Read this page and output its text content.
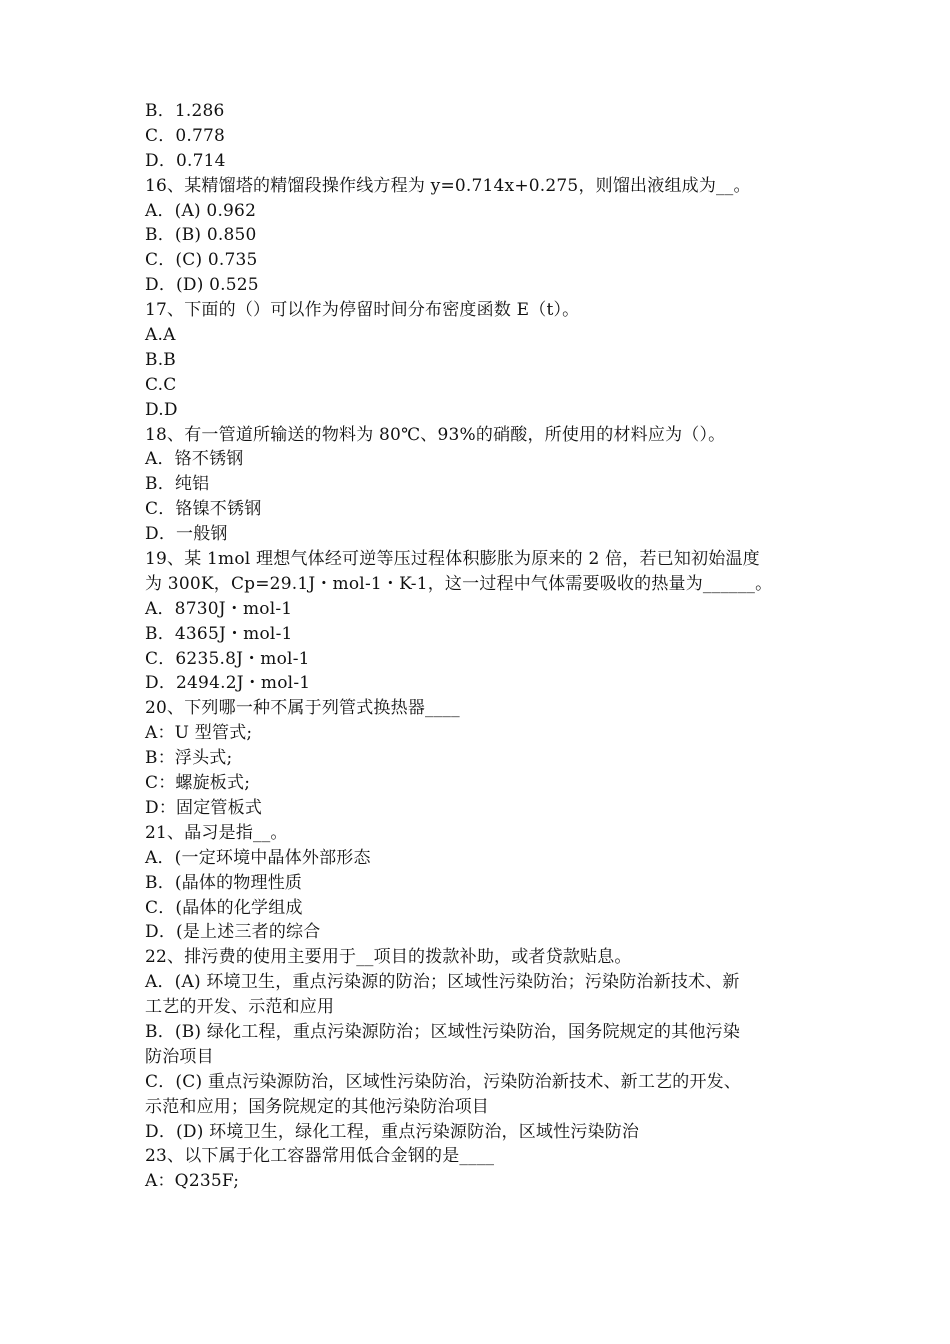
B．1.286
C．0.778
D．0.714
16、某精馏塔的精馏段操作线方程为 y=0.714x+0.275，则馏出液组成为__。
A．(A) 0.962
B．(B) 0.850
C．(C) 0.735
D．(D) 0.525
17、下面的（）可以作为停留时间分布密度函数 E（t）。
A.A
B.B
C.C
D.D
18、有一管道所输送的物料为 80℃、93%的硝酸，所使用的材料应为（）。
A．铬不锈钢
B．纯铝
C．铬镍不锈钢
D．一般钢
19、某 1mol 理想气体经可逆等压过程体积膨胀为原来的 2 倍，若已知初始温度
为 300K，Cp=29.1J・mol-1・K-1，这一过程中气体需要吸收的热量为______。
A．8730J・mol-1
B．4365J・mol-1
C．6235.8J・mol-1
D．2494.2J・mol-1
20、下列哪一种不属于列管式换热器____
A：U 型管式;
B：浮头式;
C：螺旋板式;
D：固定管板式
21、晶习是指__。
A．(一定环境中晶体外部形态
B．(晶体的物理性质
C．(晶体的化学组成
D．(是上述三者的综合
22、排污费的使用主要用于__项目的拨款补助，或者贷款贴息。
A．(A) 环境卫生，重点污染源的防治；区域性污染防治；污染防治新技术、新
工艺的开发、示范和应用
B．(B) 绿化工程，重点污染源防治；区域性污染防治，国务院规定的其他污染
防治项目
C．(C) 重点污染源防治，区域性污染防治，污染防治新技术、新工艺的开发、
示范和应用；国务院规定的其他污染防治项目
D．(D) 环境卫生，绿化工程，重点污染源防治，区域性污染防治
23、以下属于化工容器常用低合金钢的是____
A：Q235F;
